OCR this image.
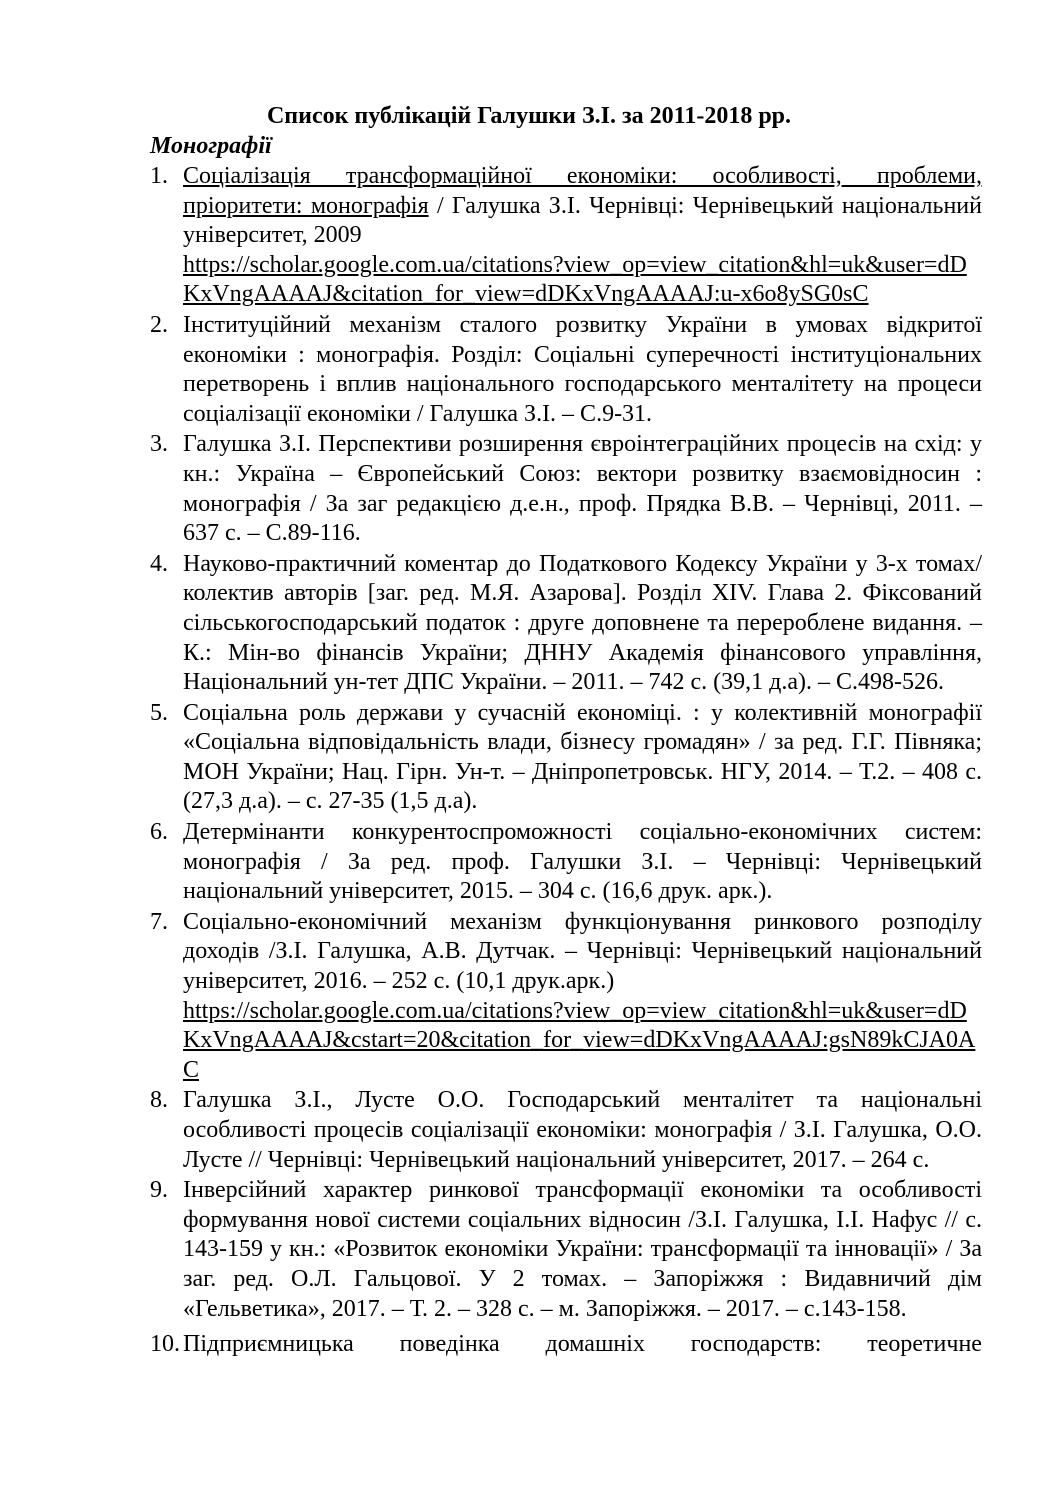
Список публікацій Галушки З.І. за 2011-2018 рр.
Монографії
1. Соціалізація трансформаційної економіки: особливості, проблеми, пріоритети: монографія / Галушка З.І. Чернівці: Чернівецький національний університет, 2009
https://scholar.google.com.ua/citations?view_op=view_citation&hl=uk&user=dDKxVngAAAAJ&citation_for_view=dDKxVngAAAAJ:u-x6o8ySG0sC
2. Інституційний механізм сталого розвитку України в умовах відкритої економіки : монографія. Розділ: Соціальні суперечності інституціональних перетворень і вплив національного господарського менталітету на процеси соціалізації економіки / Галушка З.І. – С.9-31.
3. Галушка З.І. Перспективи розширення євроінтеграційних процесів на схід: у кн.: Україна – Європейський Союз: вектори розвитку взаємовідносин : монографія / За заг редакцією д.е.н., проф. Прядка В.В. – Чернівці, 2011. – 637 с. – С.89-116.
4. Науково-практичний коментар до Податкового Кодексу України у 3-х томах/ колектив авторів [заг. ред. М.Я. Азарова]. Розділ XIV. Глава 2. Фіксований сільськогосподарський податок : друге доповнене та перероблене видання. – К.: Мін-во фінансів України; ДННУ Академія фінансового управління, Національний ун-тет ДПС України. – 2011. – 742 с. (39,1 д.а). – С.498-526.
5. Соціальна роль держави у сучасній економіці. : у колективній монографії «Соціальна відповідальність влади, бізнесу громадян» / за ред. Г.Г. Півняка; МОН України; Нац. Гірн. Ун-т. – Дніпропетровськ. НГУ, 2014. – Т.2. – 408 с. (27,3 д.а). – с. 27-35 (1,5 д.а).
6. Детермінанти конкурентоспроможності соціально-економічних систем: монографія / За ред. проф. Галушки З.І. – Чернівці: Чернівецький національний університет, 2015. – 304 с. (16,6 друк. арк.).
7. Соціально-економічний механізм функціонування ринкового розподілу доходів /З.І. Галушка, А.В. Дутчак. – Чернівці: Чернівецький національний університет, 2016. – 252 с. (10,1 друк.арк.)
https://scholar.google.com.ua/citations?view_op=view_citation&hl=uk&user=dDKxVngAAAAJ&cstart=20&citation_for_view=dDKxVngAAAAJ:gsN89kCJA0AC
8. Галушка З.І., Лусте О.О. Господарський менталітет та національні особливості процесів соціалізації економіки: монографія / З.І. Галушка, О.О. Лусте // Чернівці: Чернівецький національний університет, 2017. – 264 с.
9. Інверсійний характер ринкової трансформації економіки та особливості формування нової системи соціальних відносин /З.І. Галушка, І.І. Нафус // с. 143-159 у кн.: «Розвиток економіки України: трансформації та інновації» / За заг. ред. О.Л. Гальцової. У 2 томах. – Запоріжжя : Видавничий дім «Гельветика», 2017. – Т. 2. – 328 с. – м. Запоріжжя. – 2017. – с.143-158.
10. Підприємницька поведінка домашніх господарств: теоретичне
